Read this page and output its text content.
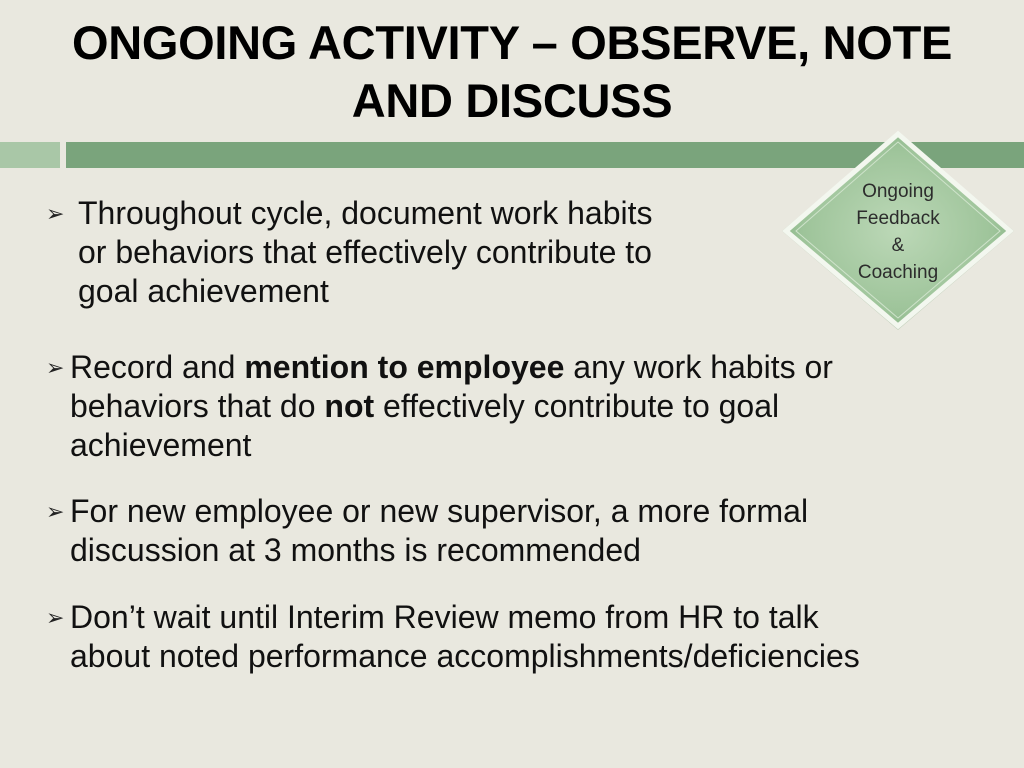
ONGOING ACTIVITY – OBSERVE, NOTE
AND DISCUSS
Ongoing
Feedback
&
Coaching
➢ Throughout cycle, document work habits
or behaviors that effectively contribute to
goal achievement
➢ Record and mention to employee any work habits or
behaviors that do not effectively contribute to goal
achievement
➢ For new employee or new supervisor, a more formal
discussion at 3 months is recommended
➢ Don’t wait until Interim Review memo from HR to talk
about noted performance accomplishments/deficiencies
